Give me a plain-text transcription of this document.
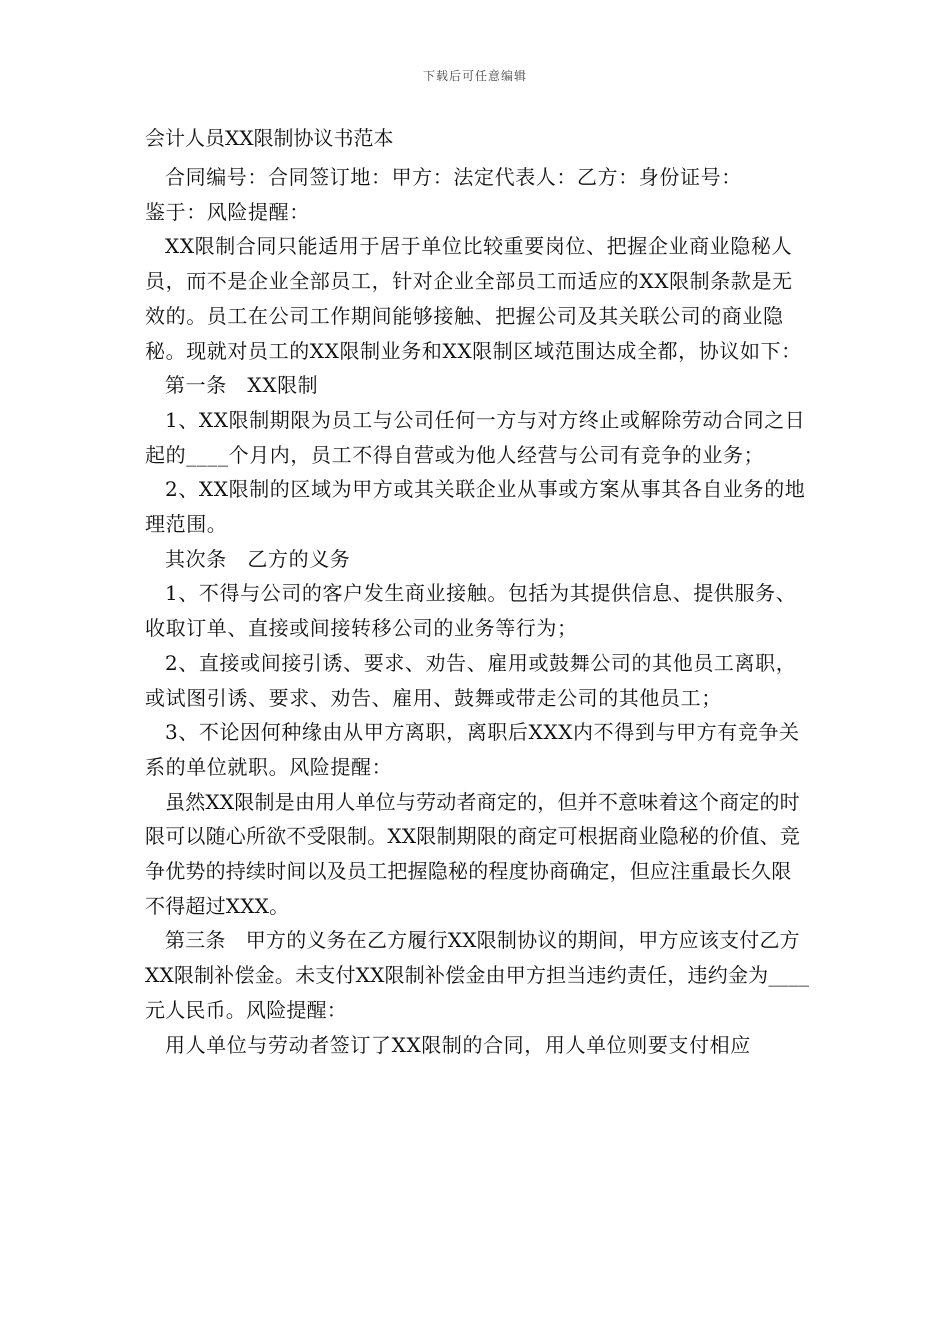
下载后可任意编辑
会计人员XX限制协议书范本

合同编号：合同签订地：甲方：法定代表人：乙方：身份证号：

鉴于：风险提醒：

XX限制合同只能适用于居于单位比较重要岗位、把握企业商业隐秘人员，而不是企业全部员工，针对企业全部员工而适应的XX限制条款是无效的。员工在公司工作期间能够接触、把握公司及其关联公司的商业隐秘。现就对员工的XX限制业务和XX限制区域范围达成全都，协议如下：

第一条　XX限制

1、XX限制期限为员工与公司任何一方与对方终止或解除劳动合同之日起的____个月内，员工不得自营或为他人经营与公司有竞争的业务；

2、XX限制的区域为甲方或其关联企业从事或方案从事其各自业务的地理范围。

其次条　乙方的义务

1、不得与公司的客户发生商业接触。包括为其提供信息、提供服务、收取订单、直接或间接转移公司的业务等行为；

2、直接或间接引诱、要求、劝告、雇用或鼓舞公司的其他员工离职，或试图引诱、要求、劝告、雇用、鼓舞或带走公司的其他员工；

3、不论因何种缘由从甲方离职，离职后XXX内不得到与甲方有竞争关系的单位就职。风险提醒：

虽然XX限制是由用人单位与劳动者商定的，但并不意味着这个商定的时限可以随心所欲不受限制。XX限制期限的商定可根据商业隐秘的价值、竞争优势的持续时间以及员工把握隐秘的程度协商确定，但应注重最长久限不得超过XXX。

第三条　甲方的义务在乙方履行XX限制协议的期间，甲方应该支付乙方XX限制补偿金。未支付XX限制补偿金由甲方担当违约责任，违约金为____元人民币。风险提醒：

用人单位与劳动者签订了XX限制的合同，用人单位则要支付相应
